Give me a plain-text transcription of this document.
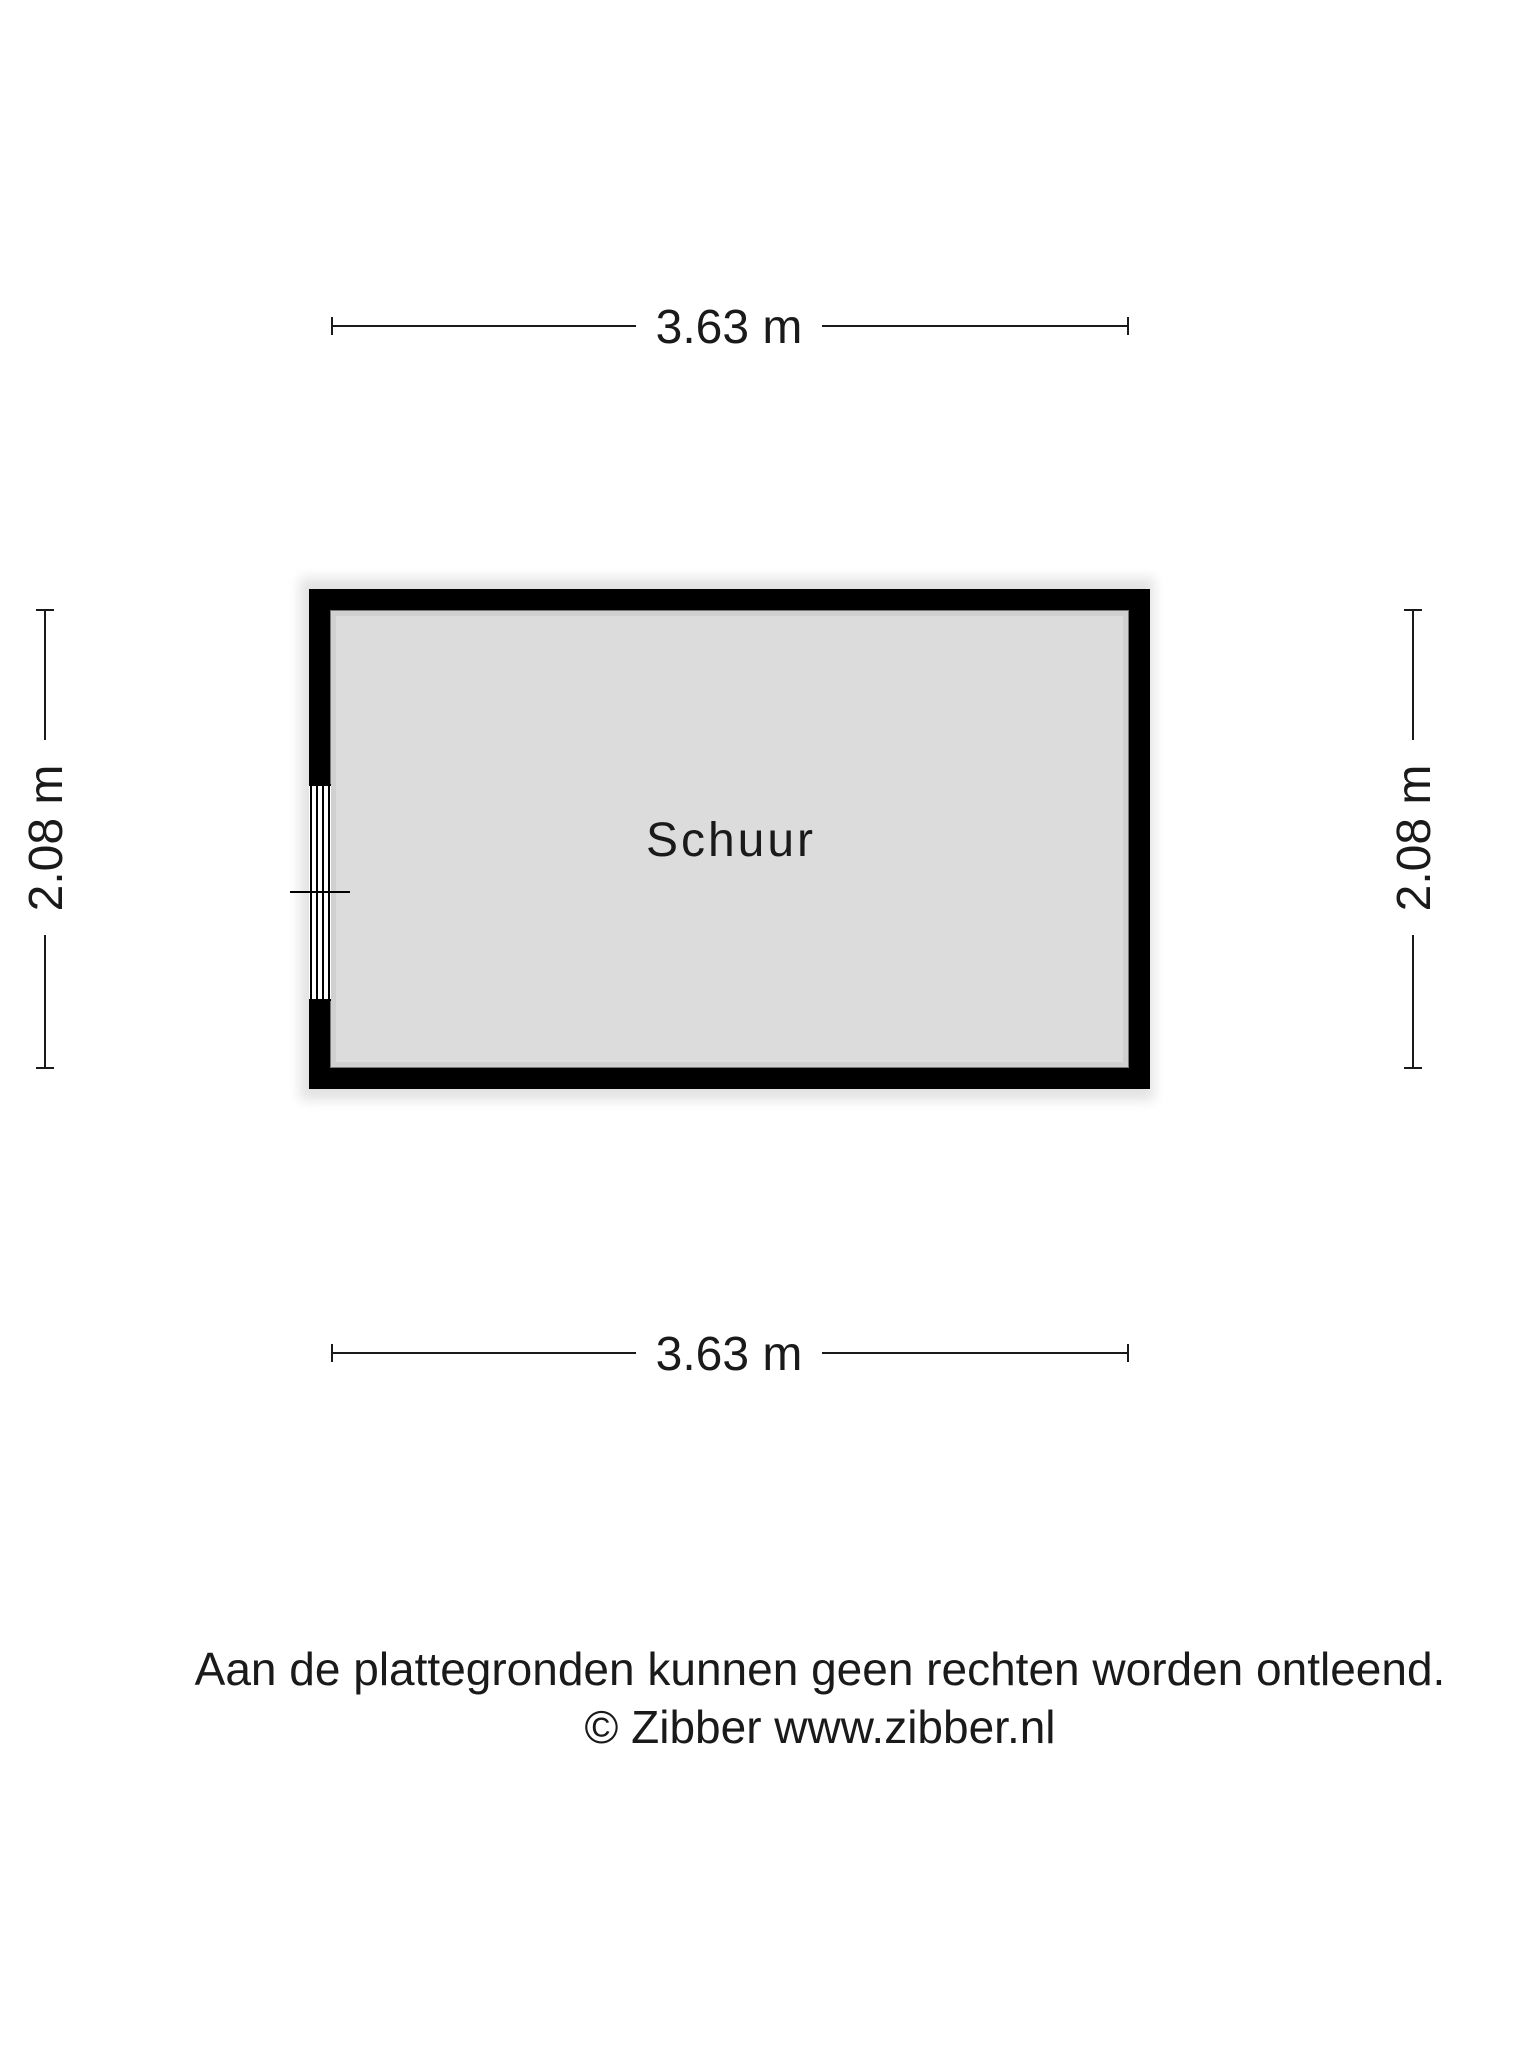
3.63 m
3.63 m
2.08 m	2.08 m
Schuur
Aan de plattegronden kunnen geen rechten worden ontleend.
© Zibber www.zibber.nl
